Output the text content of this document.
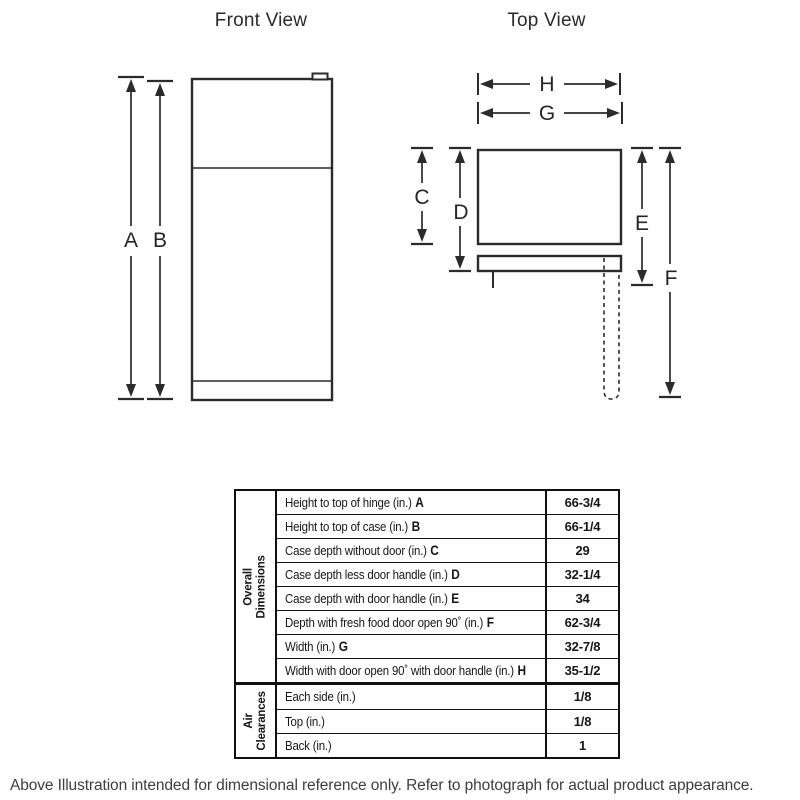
Front View	Top View
A B
H
G
C
D	E
F
Overall Dimensions
Height to top of hinge (in.) A	66-3/4
Height to top of case (in.) B	66-1/4
Case depth without door (in.) C	29
Case depth less door handle (in.) D	32-1/4
Case depth with door handle (in.) E	34
Depth with fresh food door open 90˚ (in.) F	62-3/4
Width (in.) G	32-7/8
Width with door open 90˚ with door handle (in.) H	35-1/2
Air Clearances Each side (in.)	1/8
Top (in.)	1/8
Back (in.)	1
Above Illustration intended for dimensional reference only. Refer to photograph for actual product appearance.
